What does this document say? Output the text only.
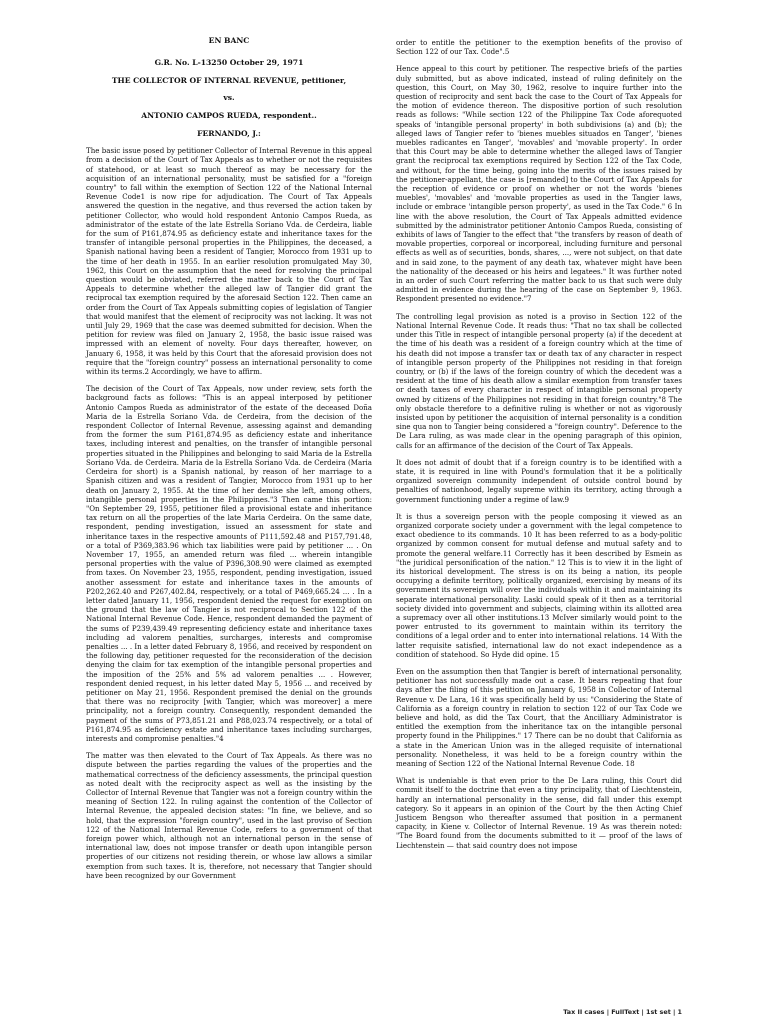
EN BANC

G.R. No. L-13250 October 29, 1971

THE COLLECTOR OF INTERNAL REVENUE, petitioner,

vs.

ANTONIO CAMPOS RUEDA, respondent..

FERNANDO, J.:

The basic issue posed by petitioner Collector of Internal Revenue in this appeal from a decision of the Court of Tax Appeals as to whether or not the requisites of statehood, or at least so much thereof as may be necessary for the acquisition of an international personality, must be satisfied for a "foreign country" to fall within the exemption of Section 122 of the National Internal Revenue Code1 is now ripe for adjudication. The Court of Tax Appeals answered the question in the negative, and thus reversed the action taken by petitioner Collector, who would hold respondent Antonio Campos Rueda, as administrator of the estate of the late Estrella Soriano Vda. de Cerdeira, liable for the sum of P161,874.95 as deficiency estate and inheritance taxes for the transfer of intangible personal properties in the Philippines, the deceased, a Spanish national having been a resident of Tangier, Morocco from 1931 up to the time of her death in 1955. In an earlier resolution promulgated May 30, 1962, this Court on the assumption that the need for resolving the principal question would be obviated, referred the matter back to the Court of Tax Appeals to determine whether the alleged law of Tangier did grant the reciprocal tax exemption required by the aforesaid Section 122. Then came an order from the Court of Tax Appeals submitting copies of legislation of Tangier that would manifest that the element of reciprocity was not lacking. It was not until July 29, 1969 that the case was deemed submitted for decision. When the petition for review was filed on January 2, 1958, the basic issue raised was impressed with an element of novelty. Four days thereafter, however, on January 6, 1958, it was held by this Court that the aforesaid provision does not require that the "foreign country" possess an international personality to come within its terms.2 Accordingly, we have to affirm.

The decision of the Court of Tax Appeals, now under review, sets forth the background facts as follows: "This is an appeal interposed by petitioner Antonio Campos Rueda as administrator of the estate of the deceased Doña Maria de la Estrella Soriano Vda. de Cerdeira, from the decision of the respondent Collector of Internal Revenue, assessing against and demanding from the former the sum P161,874.95 as deficiency estate and inheritance taxes, including interest and penalties, on the transfer of intangible personal properties situated in the Philippines and belonging to said Maria de la Estrella Soriano Vda. de Cerdeira. Maria de la Estrella Soriano Vda. de Cerdeira (Maria Cerdeira for short) is a Spanish national, by reason of her marriage to a Spanish citizen and was a resident of Tangier, Morocco from 1931 up to her death on January 2, 1955. At the time of her demise she left, among others, intangible personal properties in the Philippines."3 Then came this portion: "On September 29, 1955, petitioner filed a provisional estate and inheritance tax return on all the properties of the late Maria Cerdeira. On the same date, respondent, pending investigation, issued an assessment for state and inheritance taxes in the respective amounts of P111,592.48 and P157,791.48, or a total of P369,383.96 which tax liabilities were paid by petitioner ... . On November 17, 1955, an amended return was filed ... wherein intangible personal properties with the value of P396,308.90 were claimed as exempted from taxes. On November 23, 1955, respondent, pending investigation, issued another assessment for estate and inheritance taxes in the amounts of P202,262.40 and P267,402.84, respectively, or a total of P469,665.24 ... . In a letter dated January 11, 1956, respondent denied the request for exemption on the ground that the law of Tangier is not reciprocal to Section 122 of the National Internal Revenue Code. Hence, respondent demanded the payment of the sums of P239,439.49 representing deficiency estate and inheritance taxes including ad valorem penalties, surcharges, interests and compromise penalties ... . In a letter dated February 8, 1956, and received by respondent on the following day, petitioner requested for the reconsideration of the decision denying the claim for tax exemption of the intangible personal properties and the imposition of the 25% and 5% ad valorem penalties ... . However, respondent denied request, in his letter dated May 5, 1956 ... and received by petitioner on May 21, 1956. Respondent premised the denial on the grounds that there was no reciprocity [with Tangier, which was moreover] a mere principality, not a foreign country. Consequently, respondent demanded the payment of the sums of P73,851.21 and P88,023.74 respectively, or a total of P161,874.95 as deficiency estate and inheritance taxes including surcharges, interests and compromise penalties."4

The matter was then elevated to the Court of Tax Appeals. As there was no dispute between the parties regarding the values of the properties and the mathematical correctness of the deficiency assessments, the principal question as noted dealt with the reciprocity aspect as well as the insisting by the Collector of Internal Revenue that Tangier was not a foreign country within the meaning of Section 122. In ruling against the contention of the Collector of Internal Revenue, the appealed decision states: "In fine, we believe, and so hold, that the expression "foreign country", used in the last proviso of Section 122 of the National Internal Revenue Code, refers to a government of that foreign power which, although not an international person in the sense of international law, does not impose transfer or death upon intangible person properties of our citizens not residing therein, or whose law allows a similar exemption from such taxes. It is, therefore, not necessary that Tangier should have been recognized by our Government

order to entitle the petitioner to the exemption benefits of the proviso of Section 122 of our Tax. Code".5

Hence appeal to this court by petitioner. The respective briefs of the parties duly submitted, but as above indicated, instead of ruling definitely on the question, this Court, on May 30, 1962, resolve to inquire further into the question of reciprocity and sent back the case to the Court of Tax Appeals for the motion of evidence thereon. The dispositive portion of such resolution reads as follows: "While section 122 of the Philippine Tax Code aforequoted speaks of 'intangible personal property' in both subdivisions (a) and (b); the alleged laws of Tangier refer to 'bienes muebles situados en Tanger', 'bienes muebles radicantes en Tanger', 'movables' and 'movable property'. In order that this Court may be able to determine whether the alleged laws of Tangier grant the reciprocal tax exemptions required by Section 122 of the Tax Code, and without, for the time being, going into the merits of the issues raised by the petitioner-appellant, the case is [remanded] to the Court of Tax Appeals for the reception of evidence or proof on whether or not the words 'bienes muebles', 'movables' and 'movable properties as used in the Tangier laws, include or embrace 'intangible person property', as used in the Tax Code." 6 In line with the above resolution, the Court of Tax Appeals admitted evidence submitted by the administrator petitioner Antonio Campos Rueda, consisting of exhibits of laws of Tangier to the effect that "the transfers by reason of death of movable properties, corporeal or incorporeal, including furniture and personal effects as well as of securities, bonds, shares, ..., were not subject, on that date and in said zone, to the payment of any death tax, whatever might have been the nationality of the deceased or his heirs and legatees." It was further noted in an order of such Court referring the matter back to us that such were duly admitted in evidence during the hearing of the case on September 9, 1963. Respondent presented no evidence."7

The controlling legal provision as noted is a proviso in Section 122 of the National Internal Revenue Code. It reads thus: "That no tax shall be collected under this Title in respect of intangible personal property (a) if the decedent at the time of his death was a resident of a foreign country which at the time of his death did not impose a transfer tax or death tax of any character in respect of intangible person property of the Philippines not residing in that foreign country, or (b) if the laws of the foreign country of which the decedent was a resident at the time of his death allow a similar exemption from transfer taxes or death taxes of every character in respect of intangible personal property owned by citizens of the Philippines not residing in that foreign country."8 The only obstacle therefore to a definitive ruling is whether or not as vigorously insisted upon by petitioner the acquisition of internal personality is a condition sine qua non to Tangier being considered a "foreign country". Deference to the De Lara ruling, as was made clear in the opening paragraph of this opinion, calls for an affirmance of the decision of the Court of Tax Appeals.

It does not admit of doubt that if a foreign country is to be identified with a state, it is required in line with Pound's formulation that it be a politically organized sovereign community independent of outside control bound by penalties of nationhood, legally supreme within its territory, acting through a government functioning under a regime of law.9

It is thus a sovereign person with the people composing it viewed as an organized corporate society under a government with the legal competence to exact obedience to its commands. 10 It has been referred to as a body-politic organized by common consent for mutual defense and mutual safety and to promote the general welfare.11 Correctly has it been described by Esmein as "the juridical personification of the nation." 12 This is to view it in the light of its historical development. The stress is on its being a nation, its people occupying a definite territory, politically organized, exercising by means of its government its sovereign will over the individuals within it and maintaining its separate international personality. Laski could speak of it then as a territorial society divided into government and subjects, claiming within its allotted area a supremacy over all other institutions.13 McIver similarly would point to the power entrusted to its government to maintain within its territory the conditions of a legal order and to enter into international relations. 14 With the latter requisite satisfied, international law do not exact independence as a condition of statehood. So Hyde did opine. 15

Even on the assumption then that Tangier is bereft of international personality, petitioner has not successfully made out a case. It bears repeating that four days after the filing of this petition on January 6, 1958 in Collector of Internal Revenue v. De Lara, 16 it was specifically held by us: "Considering the State of California as a foreign country in relation to section 122 of our Tax Code we believe and hold, as did the Tax Court, that the Ancilliary Administrator is entitled the exemption from the inheritance tax on the intangible personal property found in the Philippines." 17 There can be no doubt that California as a state in the American Union was in the alleged requisite of international personality. Nonetheless, it was held to be a foreign country within the meaning of Section 122 of the National Internal Revenue Code. 18

What is undeniable is that even prior to the De Lara ruling, this Court did commit itself to the doctrine that even a tiny principality, that of Liechtenstein, hardly an international personality in the sense, did fall under this exempt category. So it appears in an opinion of the Court by the then Acting Chief Justicem Bengson who thereafter assumed that position in a permanent capacity, in Kiene v. Collector of Internal Revenue. 19 As was therein noted: "The Board found from the documents submitted to it — proof of the laws of Liechtenstein — that said country does not impose

Tax II cases | FullText | 1st set | 1
